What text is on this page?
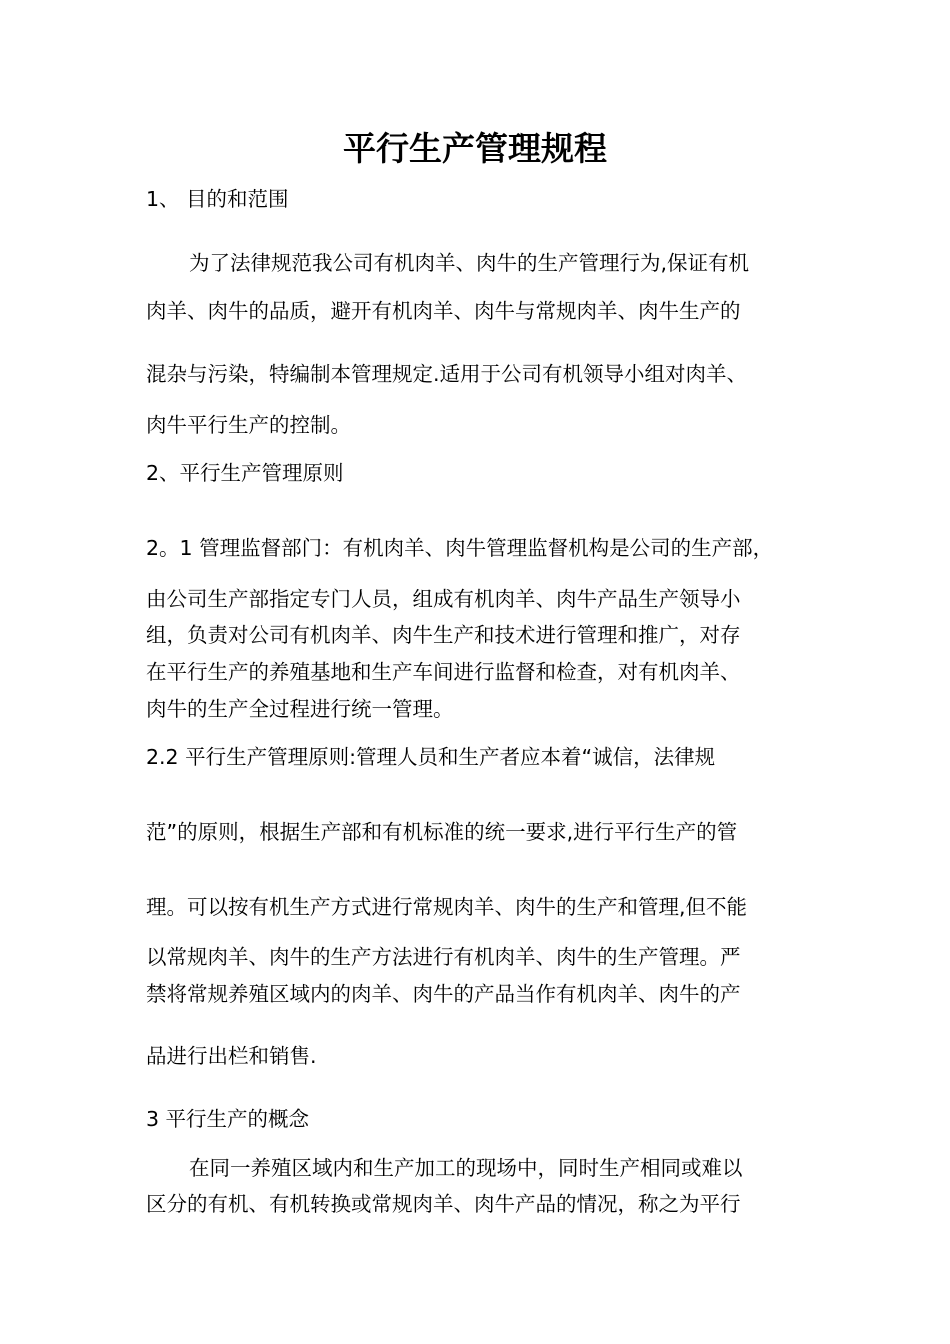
平行生产管理规程

1、 目的和范围

为了法律规范我公司有机肉羊、肉牛的生产管理行为,保证有机

肉羊、肉牛的品质，避开有机肉羊、肉牛与常规肉羊、肉牛生产的

混杂与污染，特编制本管理规定.适用于公司有机领导小组对肉羊、

肉牛平行生产的控制。

2、平行生产管理原则

2。1 管理监督部门：有机肉羊、肉牛管理监督机构是公司的生产部，

由公司生产部指定专门人员，组成有机肉羊、肉牛产品生产领导小

组，负责对公司有机肉羊、肉牛生产和技术进行管理和推广，对存

在平行生产的养殖基地和生产车间进行监督和检查，对有机肉羊、

肉牛的生产全过程进行统一管理。

2.2 平行生产管理原则:管理人员和生产者应本着“诚信，法律规

范”的原则，根据生产部和有机标准的统一要求,进行平行生产的管

理。可以按有机生产方式进行常规肉羊、肉牛的生产和管理,但不能

以常规肉羊、肉牛的生产方法进行有机肉羊、肉牛的生产管理。严

禁将常规养殖区域内的肉羊、肉牛的产品当作有机肉羊、肉牛的产

品进行出栏和销售.

3 平行生产的概念

在同一养殖区域内和生产加工的现场中，同时生产相同或难以

区分的有机、有机转换或常规肉羊、肉牛产品的情况，称之为平行
